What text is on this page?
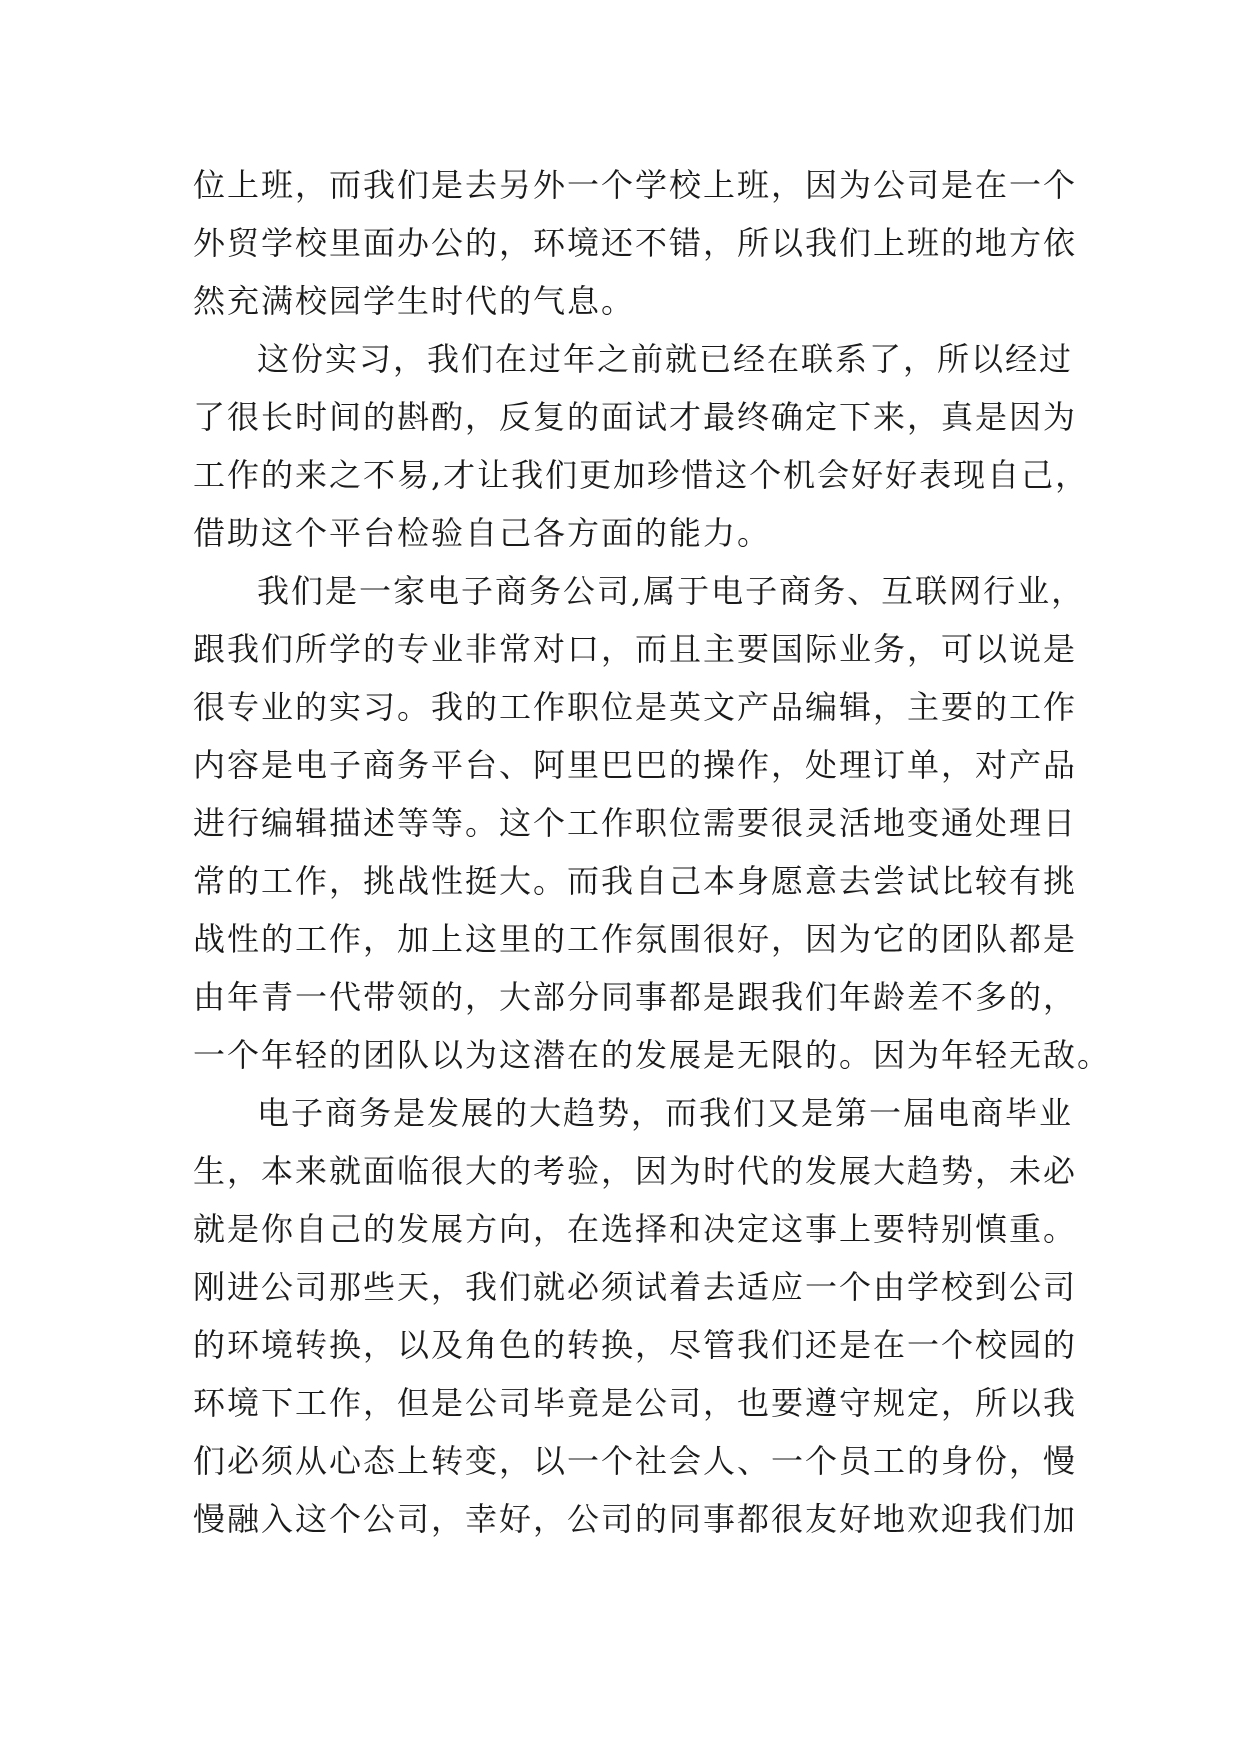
位上班，而我们是去另外一个学校上班，因为公司是在一个
外贸学校里面办公的，环境还不错，所以我们上班的地方依
然充满校园学生时代的气息。
这份实习，我们在过年之前就已经在联系了，所以经过
了很长时间的斟酌，反复的面试才最终确定下来，真是因为
工作的来之不易,才让我们更加珍惜这个机会好好表现自己，
借助这个平台检验自己各方面的能力。
我们是一家电子商务公司,属于电子商务、互联网行业，
跟我们所学的专业非常对口，而且主要国际业务，可以说是
很专业的实习。我的工作职位是英文产品编辑，主要的工作
内容是电子商务平台、阿里巴巴的操作，处理订单，对产品
进行编辑描述等等。这个工作职位需要很灵活地变通处理日
常的工作，挑战性挺大。而我自己本身愿意去尝试比较有挑
战性的工作，加上这里的工作氛围很好，因为它的团队都是
由年青一代带领的，大部分同事都是跟我们年龄差不多的，
一个年轻的团队以为这潜在的发展是无限的。因为年轻无敌。
电子商务是发展的大趋势，而我们又是第一届电商毕业
生，本来就面临很大的考验，因为时代的发展大趋势，未必
就是你自己的发展方向，在选择和决定这事上要特别慎重。
刚进公司那些天，我们就必须试着去适应一个由学校到公司
的环境转换，以及角色的转换，尽管我们还是在一个校园的
环境下工作，但是公司毕竟是公司，也要遵守规定，所以我
们必须从心态上转变，以一个社会人、一个员工的身份，慢
慢融入这个公司，幸好，公司的同事都很友好地欢迎我们加
